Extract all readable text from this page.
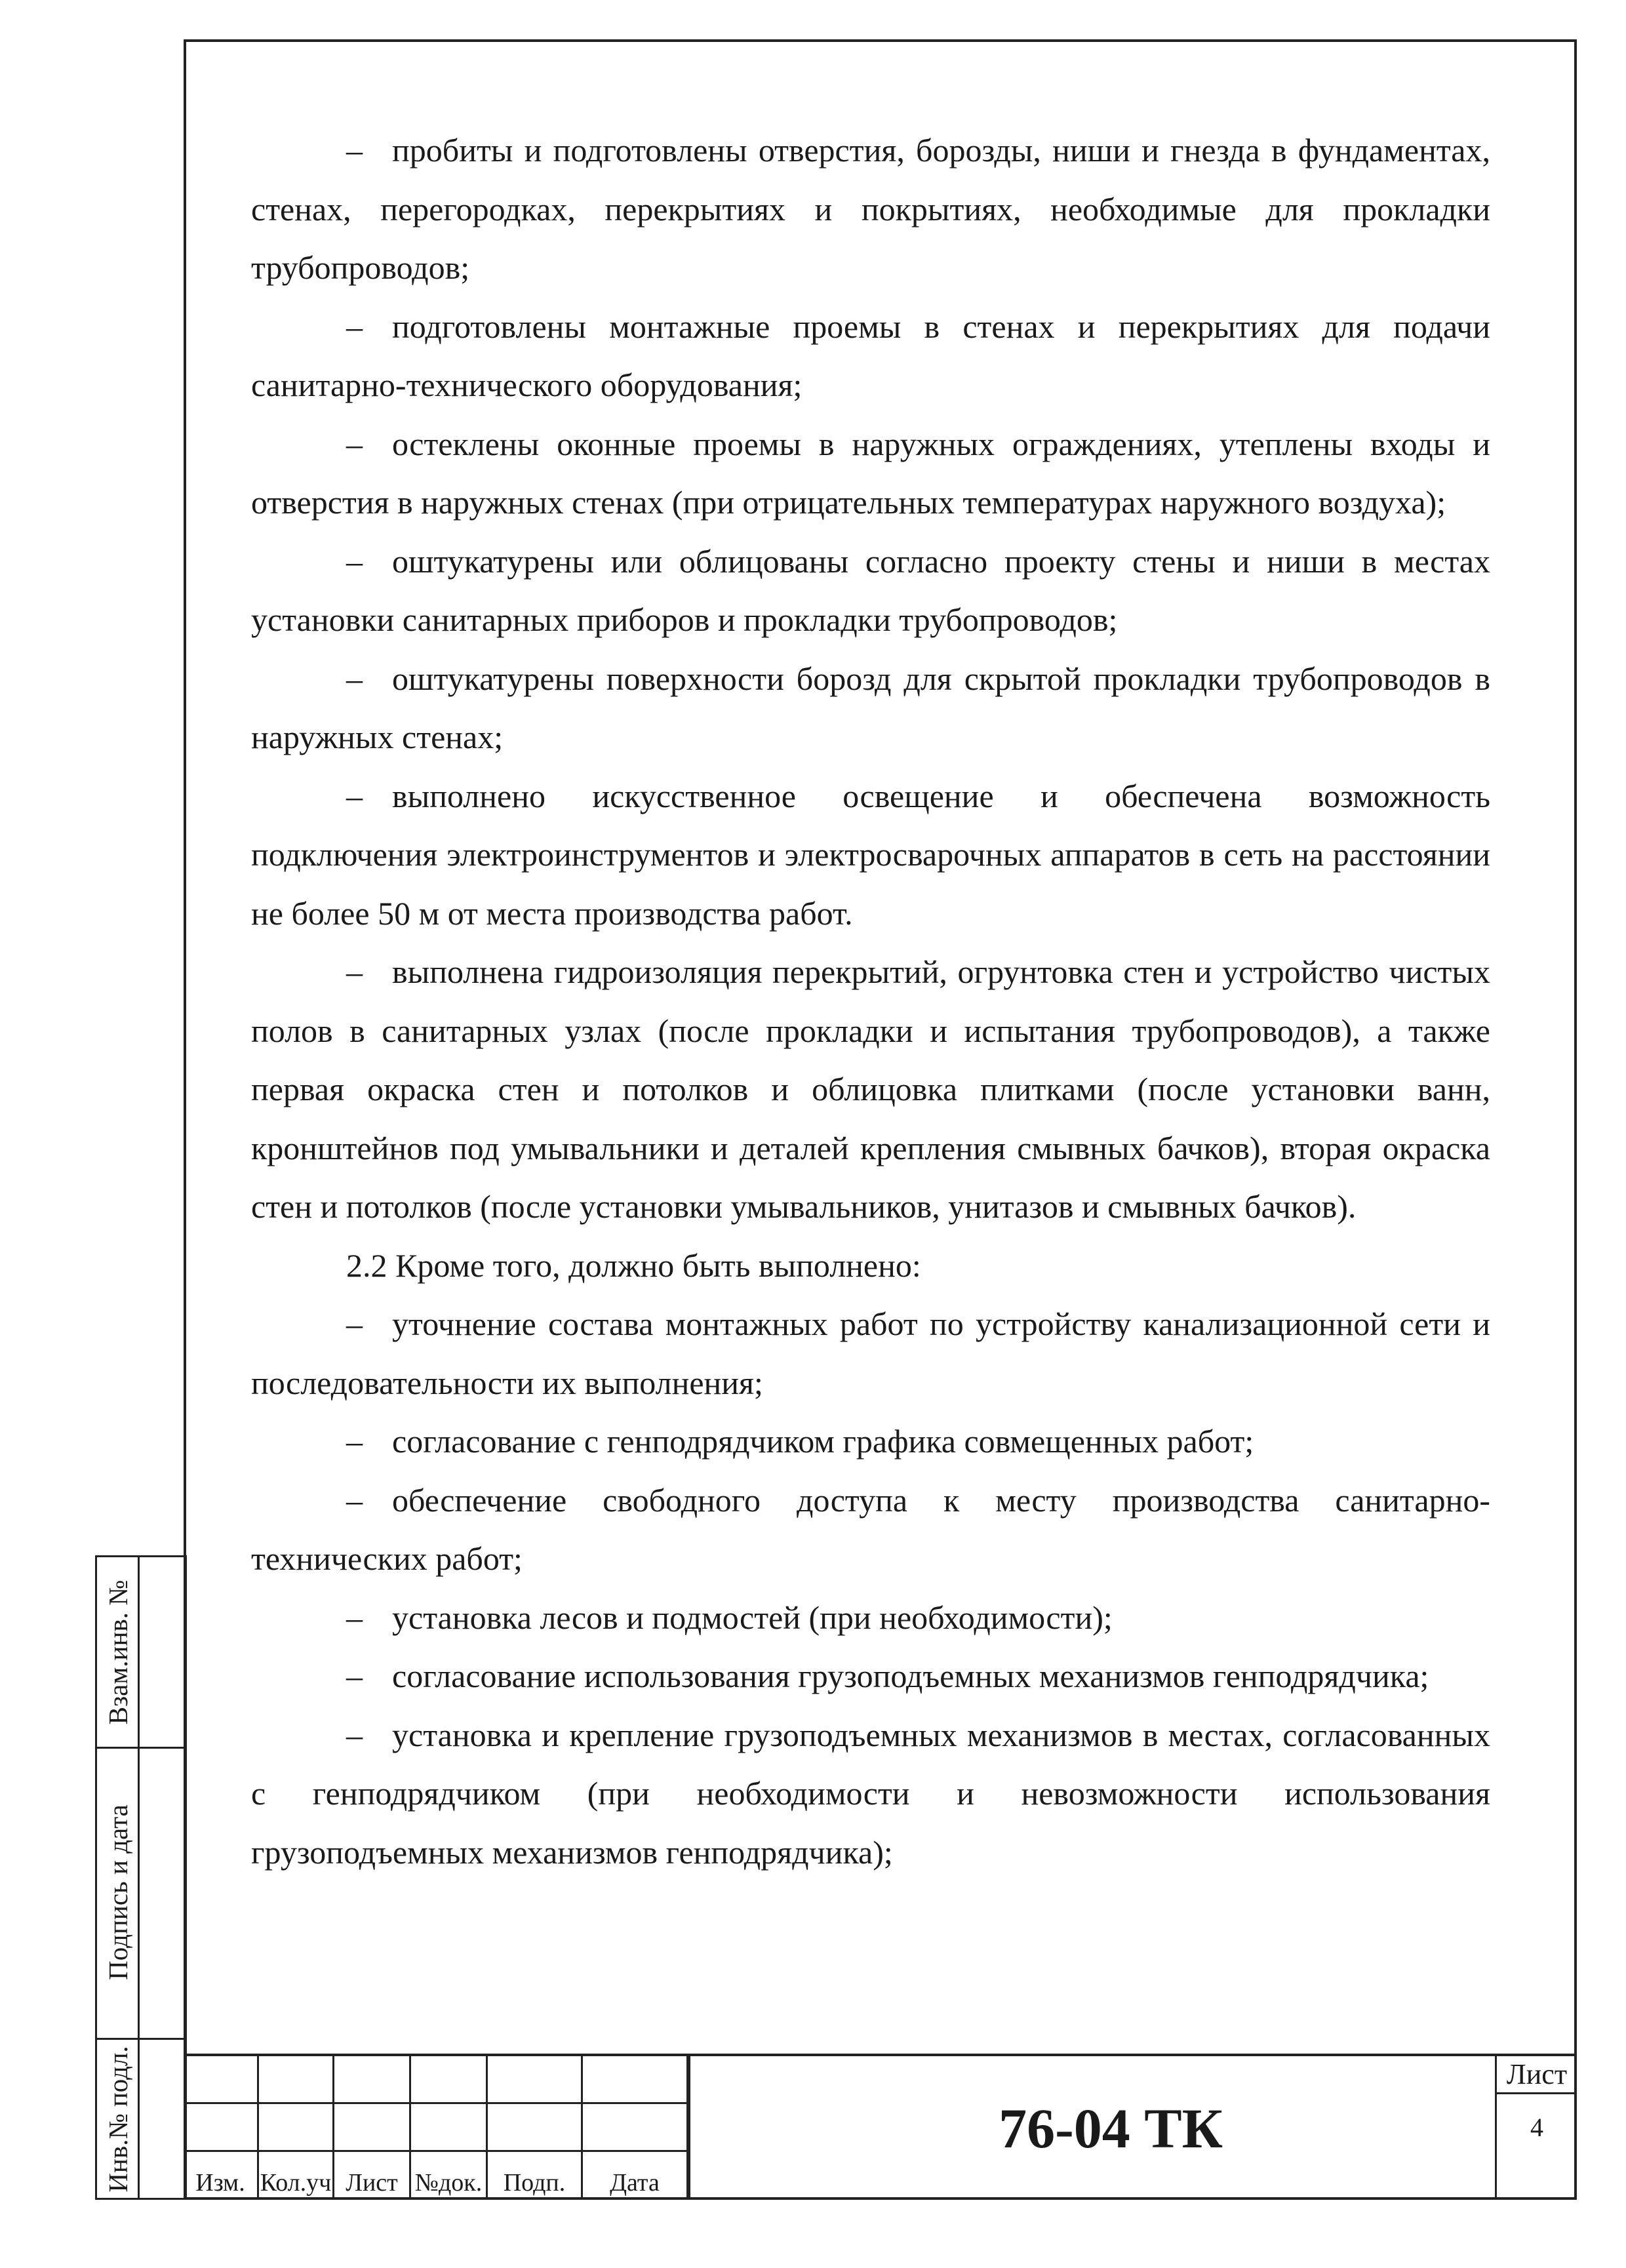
– пробиты и подготовлены отверстия, борозды, ниши и гнезда в фундаментах, стенах, перегородках, перекрытиях и покрытиях, необходимые для прокладки трубопроводов;

– подготовлены монтажные проемы в стенах и перекрытиях для подачи санитарно-технического оборудования;

– остеклены оконные проемы в наружных ограждениях, утеплены входы и отверстия в наружных стенах (при отрицательных температурах наружного воздуха);

– оштукатурены или облицованы согласно проекту стены и ниши в местах установки санитарных приборов и прокладки трубопроводов;

– оштукатурены поверхности борозд для скрытой прокладки трубопроводов в наружных стенах;

– выполнено искусственное освещение и обеспечена возможность подключения электроинструментов и электросварочных аппаратов в сеть на расстоянии не более 50 м от места производства работ.

– выполнена гидроизоляция перекрытий, огрунтовка стен и устройство чистых полов в санитарных узлах (после прокладки и испытания трубопроводов), а также первая окраска стен и потолков и облицовка плитками (после установки ванн, кронштейнов под умывальники и деталей крепления смывных бачков), вторая окраска стен и потолков (после установки умывальников, унитазов и смывных бачков).

2.2 Кроме того, должно быть выполнено:

– уточнение состава монтажных работ по устройству канализационной сети и последовательности их выполнения;

– согласование с генподрядчиком графика совмещенных работ;

– обеспечение свободного доступа к месту производства санитарно-технических работ;

– установка лесов и подмостей (при необходимости);

– согласование использования грузоподъемных механизмов генподрядчика;

– установка и крепление грузоподъемных механизмов в местах, согласованных с генподрядчиком (при необходимости и невозможности использования грузоподъемных механизмов генподрядчика);

Взам.инв. №
Подпись и дата
Инв.№ подл.	Изм. Кол.уч Лист №док. Подп.	Дата
76-04 ТК
Лист
4
